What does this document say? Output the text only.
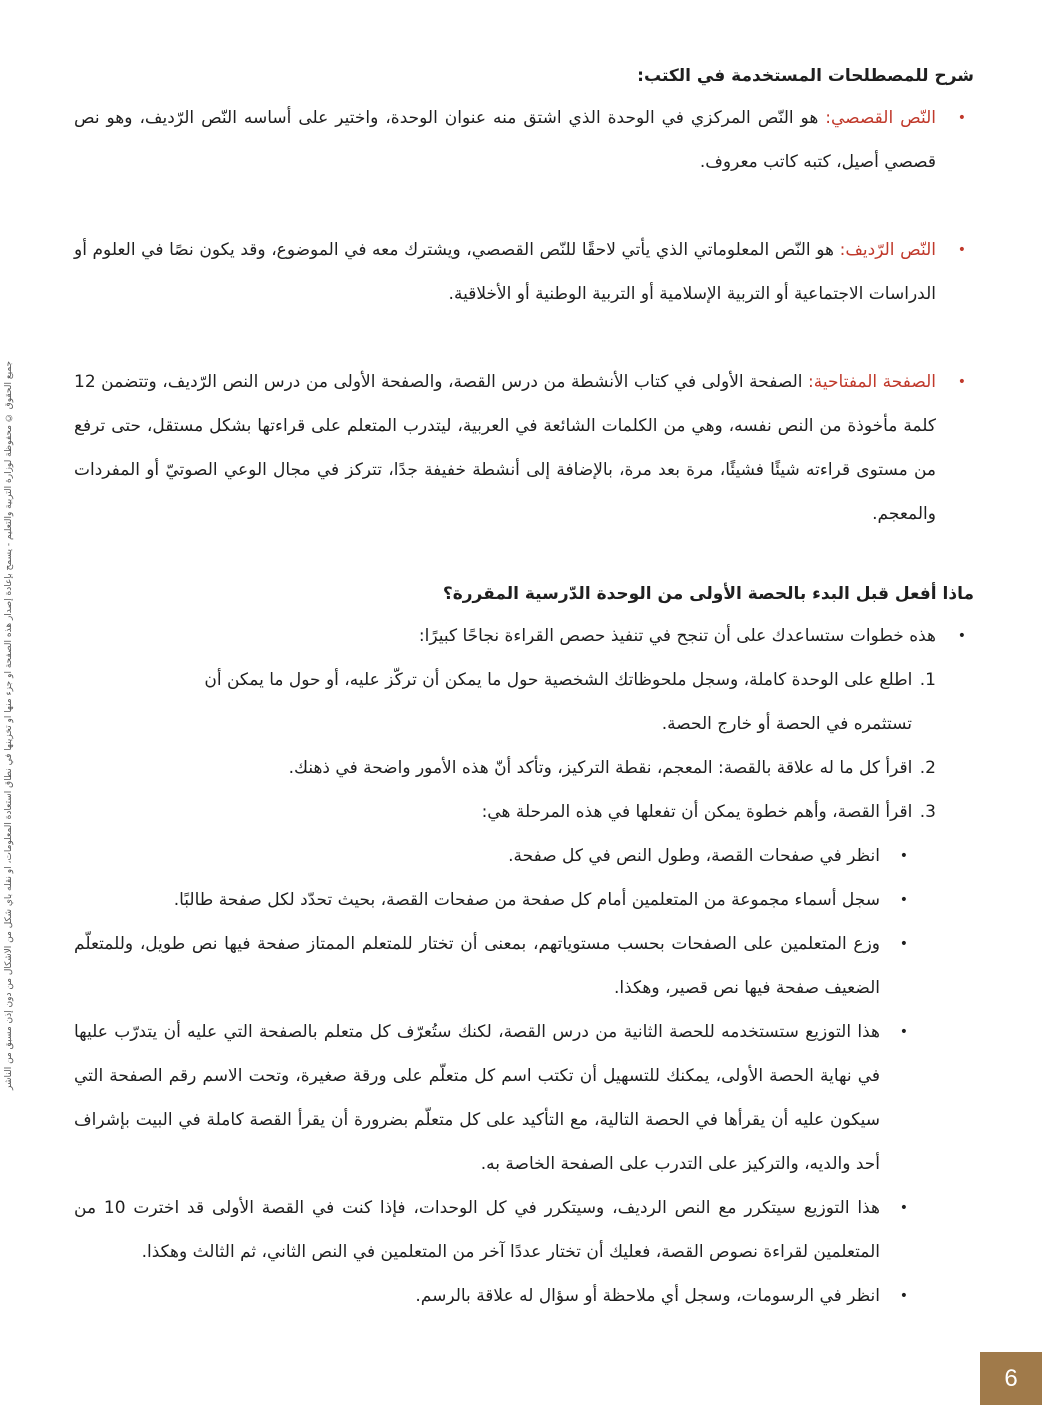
جميع الحقوق © محفوظة لوزارة التربية والتعليم - يسمح بإعادة إصدار هذه الصفحة أو جزء منها أو تخزينها في نطاق استعادة المعلومات، أو نقله بأي شكل من الأشكال من دون إذن مسبق من الناشر

شرح للمصطلحات المستخدمة في الكتب:

•
النّص القصصي: هو النّص المركزي في الوحدة الذي اشتق منه عنوان الوحدة، واختير على أساسه النّص الرّديف، وهو نص قصصي أصيل، كتبه كاتب معروف.

•
النّص الرّديف: هو النّص المعلوماتي الذي يأتي لاحقًا للنّص القصصي، ويشترك معه في الموضوع، وقد يكون نصًا في العلوم أو الدراسات الاجتماعية أو التربية الإسلامية أو التربية الوطنية أو الأخلاقية.

•
الصفحة المفتاحية: الصفحة الأولى في كتاب الأنشطة من درس القصة، والصفحة الأولى من درس النص الرّديف، وتتضمن 12 كلمة مأخوذة من النص نفسه، وهي من الكلمات الشائعة في العربية، ليتدرب المتعلم على قراءتها بشكل مستقل، حتى ترفع من مستوى قراءته شيئًا فشيئًا، مرة بعد مرة، بالإضافة إلى أنشطة خفيفة جدًا، تتركز في مجال الوعي الصوتيّ أو المفردات والمعجم.

ماذا أفعل قبل البدء بالحصة الأولى من الوحدة الدّرسية المقررة؟

•
هذه خطوات ستساعدك على أن تنجح في تنفيذ حصص القراءة نجاحًا كبيرًا:
1. اطلع على الوحدة كاملة، وسجل ملحوظاتك الشخصية حول ما يمكن أن تركّز عليه، أو حول ما يمكن أن
تستثمره في الحصة أو خارج الحصة.
2. اقرأ كل ما له علاقة بالقصة: المعجم، نقطة التركيز، وتأكد أنّ هذه الأمور واضحة في ذهنك.
3. اقرأ القصة، وأهم خطوة يمكن أن تفعلها في هذه المرحلة هي:
•
انظر في صفحات القصة، وطول النص في كل صفحة.
•
سجل أسماء مجموعة من المتعلمين أمام كل صفحة من صفحات القصة، بحيث تحدّد لكل صفحة طالبًا.
•
وزع المتعلمين على الصفحات بحسب مستوياتهم، بمعنى أن تختار للمتعلم الممتاز صفحة فيها نص طويل، وللمتعلّم الضعيف صفحة فيها نص قصير، وهكذا.
•
هذا التوزيع ستستخدمه للحصة الثانية من درس القصة، لكنك ستُعرّف كل متعلم بالصفحة التي عليه أن يتدرّب عليها في نهاية الحصة الأولى، يمكنك للتسهيل أن تكتب اسم كل متعلّم على ورقة صغيرة، وتحت الاسم رقم الصفحة التي سيكون عليه أن يقرأها في الحصة التالية، مع التأكيد على كل متعلّم بضرورة أن يقرأ القصة كاملة في البيت بإشراف أحد والديه، والتركيز على التدرب على الصفحة الخاصة به.
•
هذا التوزيع سيتكرر مع النص الرديف، وسيتكرر في كل الوحدات، فإذا كنت في القصة الأولى قد اخترت 10 من المتعلمين لقراءة نصوص القصة، فعليك أن تختار عددًا آخر من المتعلمين في النص الثاني، ثم الثالث وهكذا.
•
انظر في الرسومات، وسجل أي ملاحظة أو سؤال له علاقة بالرسم.
6
